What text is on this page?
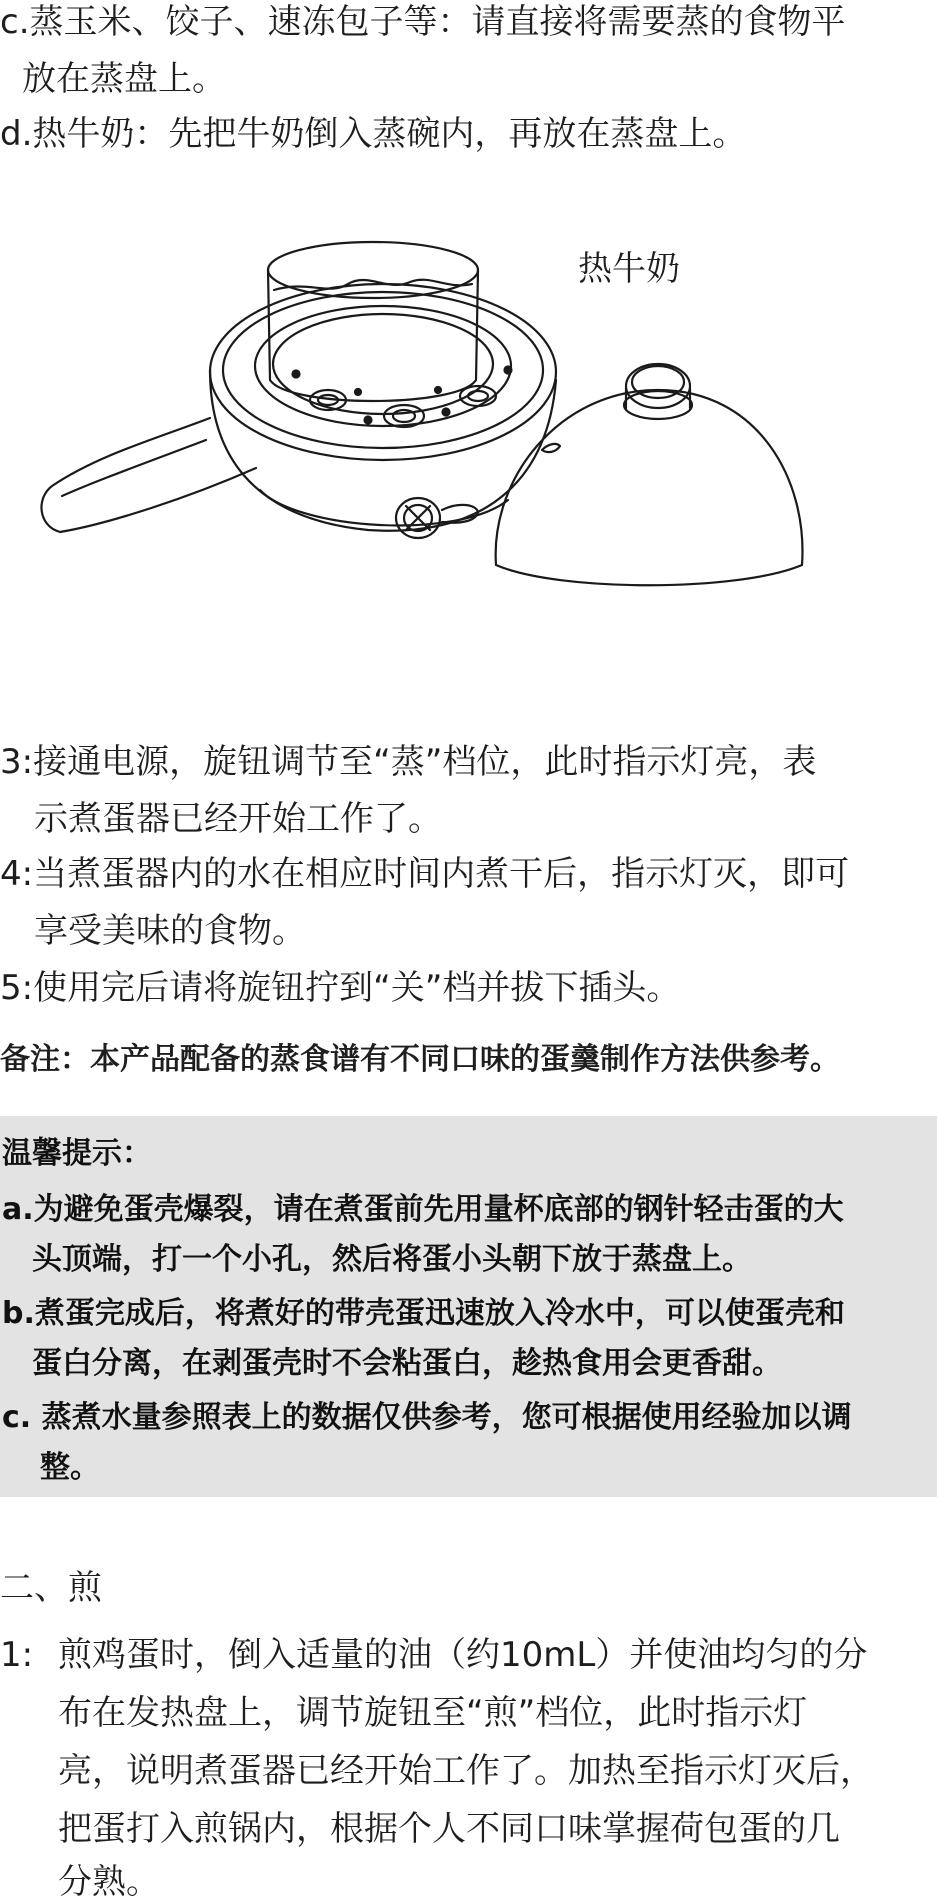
c.蒸玉米、饺子、速冻包子等：请直接将需要蒸的食物平
放在蒸盘上。
d.热牛奶：先把牛奶倒入蒸碗内，再放在蒸盘上。
热牛奶
3:接通电源，旋钮调节至“蒸”档位，此时指示灯亮，表
示煮蛋器已经开始工作了。
4:当煮蛋器内的水在相应时间内煮干后，指示灯灭，即可
享受美味的食物。
5:使用完后请将旋钮拧到“关”档并拔下插头。
备注：本产品配备的蒸食谱有不同口味的蛋羹制作方法供参考。
温馨提示：
a.为避免蛋壳爆裂，请在煮蛋前先用量杯底部的钢针轻击蛋的大
头顶端，打一个小孔，然后将蛋小头朝下放于蒸盘上。
b.煮蛋完成后，将煮好的带壳蛋迅速放入冷水中，可以使蛋壳和
蛋白分离，在剥蛋壳时不会粘蛋白，趁热食用会更香甜。
c. 蒸煮水量参照表上的数据仅供参考，您可根据使用经验加以调
整。
二、煎
1: 煎鸡蛋时，倒入适量的油（约10mL）并使油均匀的分
布在发热盘上，调节旋钮至“煎”档位，此时指示灯
亮，说明煮蛋器已经开始工作了。加热至指示灯灭后，
把蛋打入煎锅内，根据个人不同口味掌握荷包蛋的几
分熟。
